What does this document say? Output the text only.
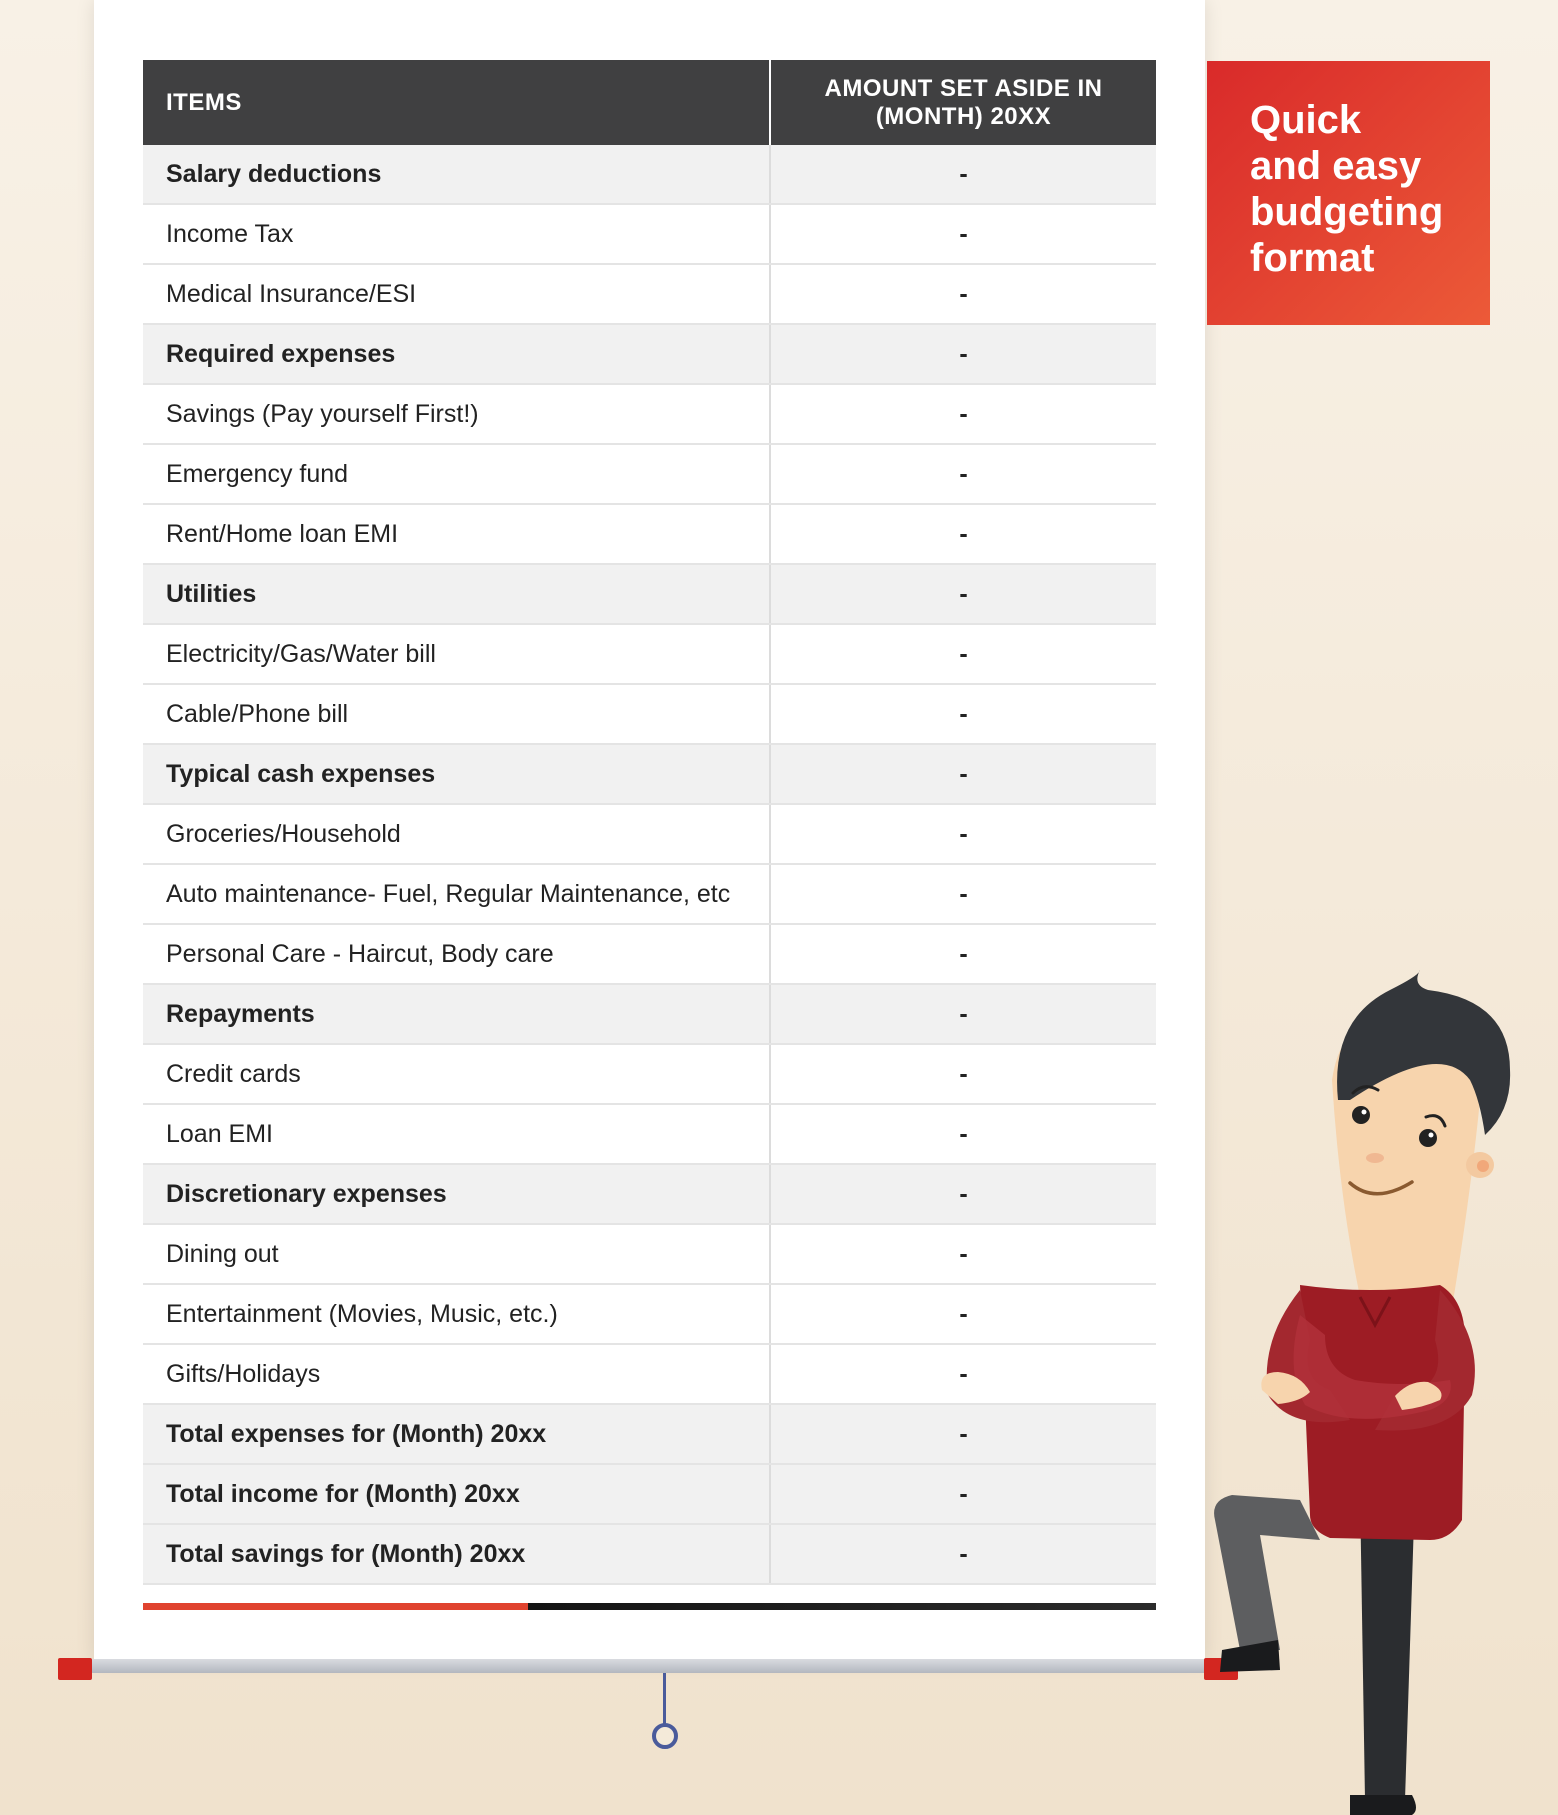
ITEMS	AMOUNT SET ASIDE IN
(MONTH) 20XX
Salary deductions	-
Income Tax	-
Medical Insurance/ESI	-
Required expenses	-
Savings (Pay yourself First!)	-
Emergency fund	-
Rent/Home loan EMI	-
Utilities	-
Electricity/Gas/Water bill	-
Cable/Phone bill	-
Typical cash expenses	-
Groceries/Household	-
Auto maintenance- Fuel, Regular Maintenance, etc	-
Personal Care - Haircut, Body care	-
Repayments	-
Credit cards	-
Loan EMI	-
Discretionary expenses	-
Dining out	-
Entertainment (Movies, Music, etc.)	-
Gifts/Holidays	-
Total expenses for (Month) 20xx	-
Total income for (Month) 20xx	-
Total savings for (Month) 20xx	-

Quick
and easy
budgeting
format
